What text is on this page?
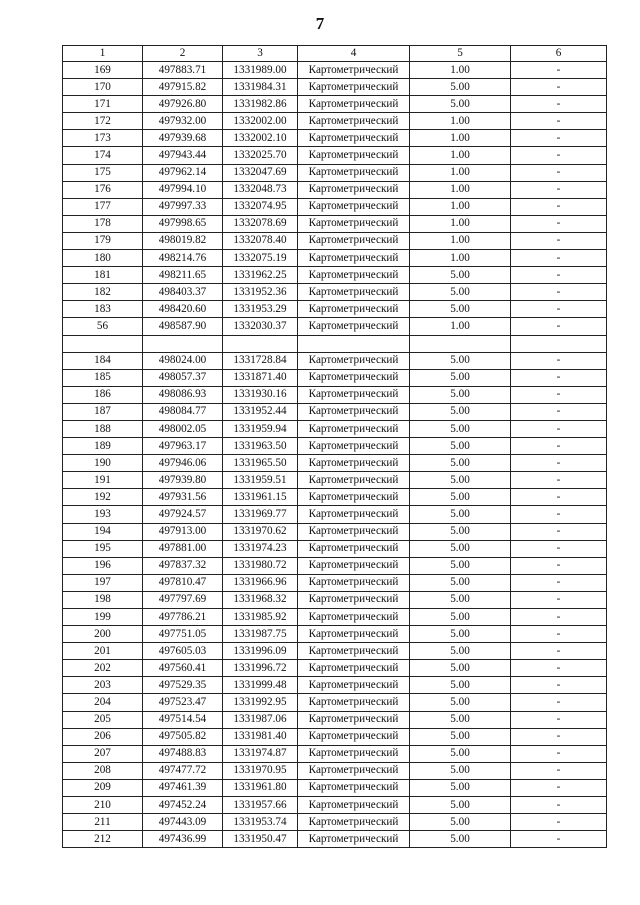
7
1	2	3	4	5	6
169	497883.71	1331989.00	Картометрический	1.00	-
170	497915.82	1331984.31	Картометрический	5.00	-
171	497926.80	1331982.86	Картометрический	5.00	-
172	497932.00	1332002.00	Картометрический	1.00	-
173	497939.68	1332002.10	Картометрический	1.00	-
174	497943.44	1332025.70	Картометрический	1.00	-
175	497962.14	1332047.69	Картометрический	1.00	-
176	497994.10	1332048.73	Картометрический	1.00	-
177	497997.33	1332074.95	Картометрический	1.00	-
178	497998.65	1332078.69	Картометрический	1.00	-
179	498019.82	1332078.40	Картометрический	1.00	-
180	498214.76	1332075.19	Картометрический	1.00	-
181	498211.65	1331962.25	Картометрический	5.00	-
182	498403.37	1331952.36	Картометрический	5.00	-
183	498420.60	1331953.29	Картометрический	5.00	-
56	498587.90	1332030.37	Картометрический	1.00	-

184	498024.00	1331728.84	Картометрический	5.00	-
185	498057.37	1331871.40	Картометрический	5.00	-
186	498086.93	1331930.16	Картометрический	5.00	-
187	498084.77	1331952.44	Картометрический	5.00	-
188	498002.05	1331959.94	Картометрический	5.00	-
189	497963.17	1331963.50	Картометрический	5.00	-
190	497946.06	1331965.50	Картометрический	5.00	-
191	497939.80	1331959.51	Картометрический	5.00	-
192	497931.56	1331961.15	Картометрический	5.00	-
193	497924.57	1331969.77	Картометрический	5.00	-
194	497913.00	1331970.62	Картометрический	5.00	-
195	497881.00	1331974.23	Картометрический	5.00	-
196	497837.32	1331980.72	Картометрический	5.00	-
197	497810.47	1331966.96	Картометрический	5.00	-
198	497797.69	1331968.32	Картометрический	5.00	-
199	497786.21	1331985.92	Картометрический	5.00	-
200	497751.05	1331987.75	Картометрический	5.00	-
201	497605.03	1331996.09	Картометрический	5.00	-
202	497560.41	1331996.72	Картометрический	5.00	-
203	497529.35	1331999.48	Картометрический	5.00	-
204	497523.47	1331992.95	Картометрический	5.00	-
205	497514.54	1331987.06	Картометрический	5.00	-
206	497505.82	1331981.40	Картометрический	5.00	-
207	497488.83	1331974.87	Картометрический	5.00	-
208	497477.72	1331970.95	Картометрический	5.00	-
209	497461.39	1331961.80	Картометрический	5.00	-
210	497452.24	1331957.66	Картометрический	5.00	-
211	497443.09	1331953.74	Картометрический	5.00	-
212	497436.99	1331950.47	Картометрический	5.00	-
